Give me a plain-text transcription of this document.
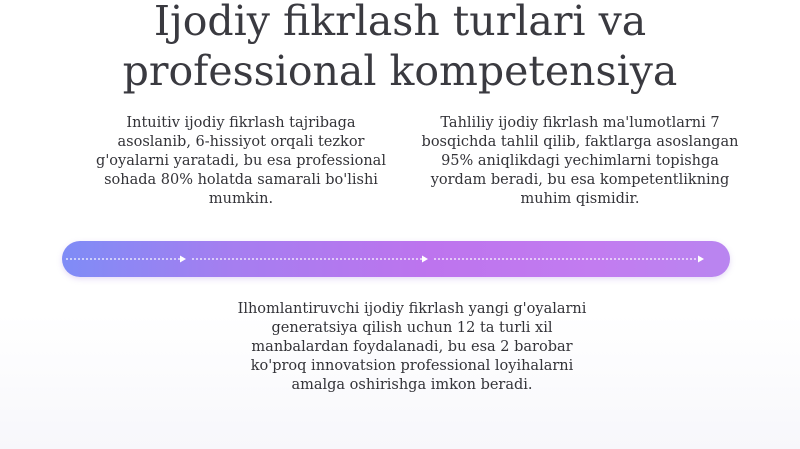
Ijodiy fikrlash turlari va
professional kompetensiya
Intuitiv ijodiy fikrlash tajribaga asoslanib, 6-hissiyot orqali tezkor g'oyalarni yaratadi, bu esa professional sohada 80% holatda samarali bo'lishi mumkin.
Tahliliy ijodiy fikrlash ma'lumotlarni 7 bosqichda tahlil qilib, faktlarga asoslangan 95% aniqlikdagi yechimlarni topishga yordam beradi, bu esa kompetentlikning muhim qismidir.
Ilhomlantiruvchi ijodiy fikrlash yangi g'oyalarni generatsiya qilish uchun 12 ta turli xil manbalardan foydalanadi, bu esa 2 barobar ko'proq innovatsion professional loyihalarni amalga oshirishga imkon beradi.
